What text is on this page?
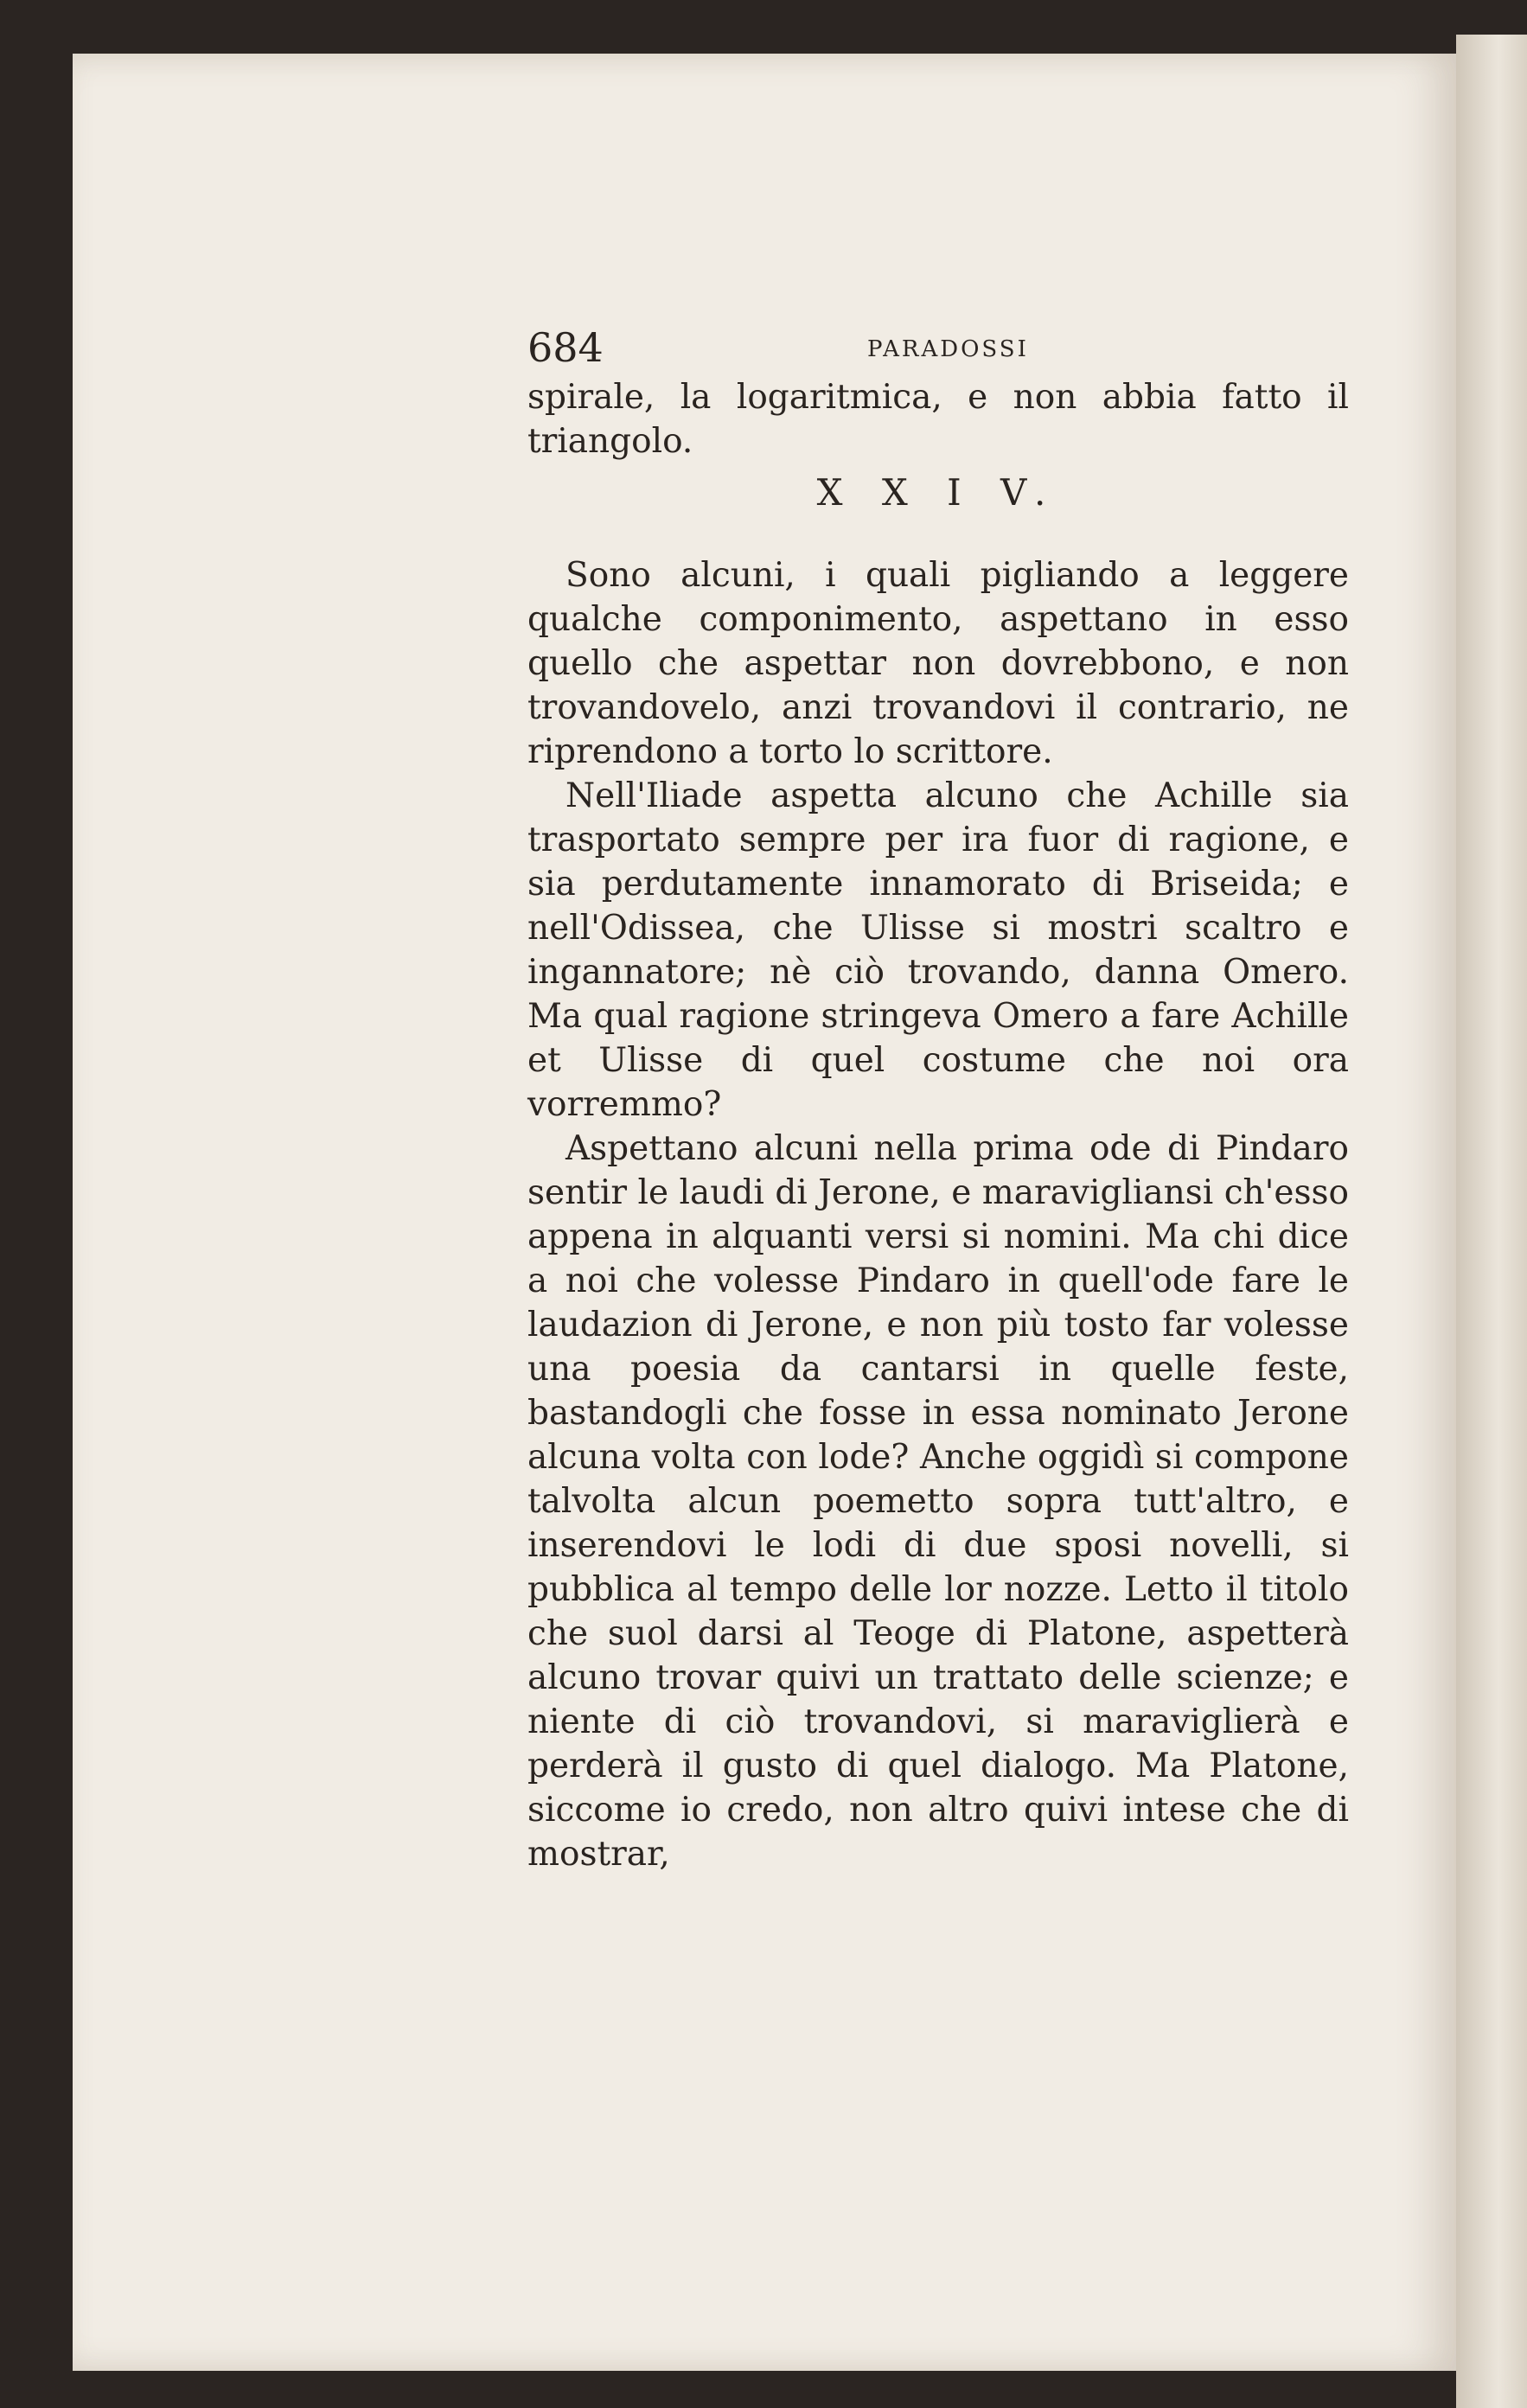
684	PARADOSSI

spirale, la logaritmica, e non abbia fatto il triangolo.

X X I V.

Sono alcuni, i quali pigliando a leggere qualche componimento, aspettano in esso quello che aspettar non dovrebbono, e non trovandovelo, anzi trovandovi il contrario, ne riprendono a torto lo scrittore.

Nell'Iliade aspetta alcuno che Achille sia trasportato sempre per ira fuor di ragione, e sia perdutamente innamorato di Briseida; e nell'Odissea, che Ulisse si mostri scaltro e ingannatore; nè ciò trovando, danna Omero. Ma qual ragione stringeva Omero a fare Achille et Ulisse di quel costume che noi ora vorremmo?

Aspettano alcuni nella prima ode di Pindaro sentir le laudi di Jerone, e maravigliansi ch'esso appena in alquanti versi si nomini. Ma chi dice a noi che volesse Pindaro in quell'ode fare le laudazion di Jerone, e non più tosto far volesse una poesia da cantarsi in quelle feste, bastandogli che fosse in essa nominato Jerone alcuna volta con lode? Anche oggidì si compone talvolta alcun poemetto sopra tutt'altro, e inserendovi le lodi di due sposi novelli, si pubblica al tempo delle lor nozze. Letto il titolo che suol darsi al Teoge di Platone, aspetterà alcuno trovar quivi un trattato delle scienze; e niente di ciò trovandovi, si maraviglierà e perderà il gusto di quel dialogo. Ma Platone, siccome io credo, non altro quivi intese che di mostrar,
